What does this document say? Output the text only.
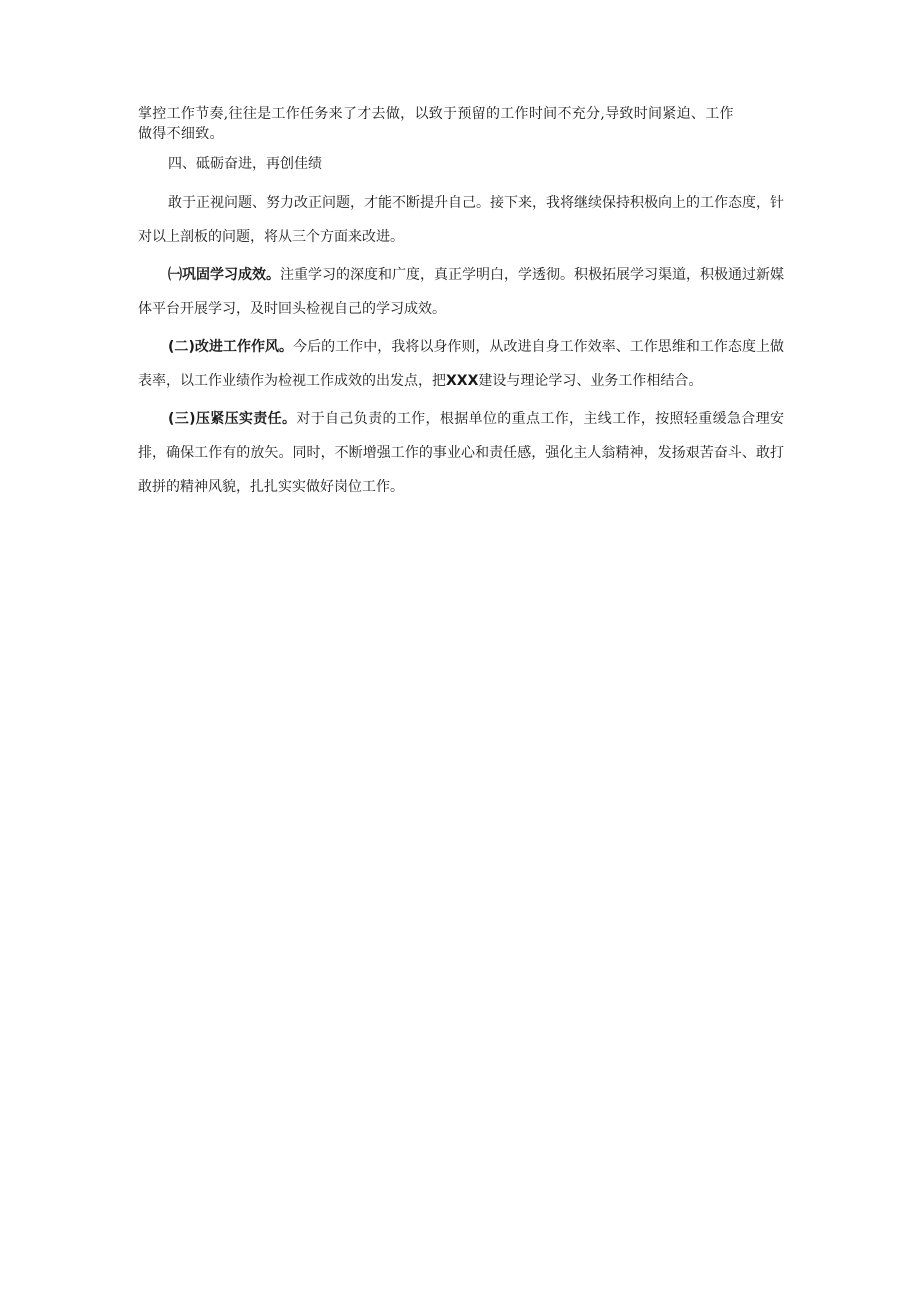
掌控工作节奏,往往是工作任务来了才去做，以致于预留的工作时间不充分,导致时间紧迫、工作

做得不细致。

四、砥砺奋进，再创佳绩

敢于正视问题、努力改正问题，才能不断提升自己。接下来，我将继续保持积极向上的工作态度，针对以上剖板的问题，将从三个方面来改进。

㈠巩固学习成效。注重学习的深度和广度，真正学明白，学透彻。积极拓展学习渠道，积极通过新媒体平台开展学习，及时回头检视自己的学习成效。

(二)改进工作作风。今后的工作中，我将以身作则，从改进自身工作效率、工作思维和工作态度上做表率，以工作业绩作为检视工作成效的出发点，把XXX建设与理论学习、业务工作相结合。

(三)压紧压实责任。对于自己负责的工作，根据单位的重点工作，主线工作，按照轻重缓急合理安排，确保工作有的放矢。同时，不断增强工作的事业心和责任感，强化主人翁精神，发扬艰苦奋斗、敢打敢拼的精神风貌，扎扎实实做好岗位工作。
